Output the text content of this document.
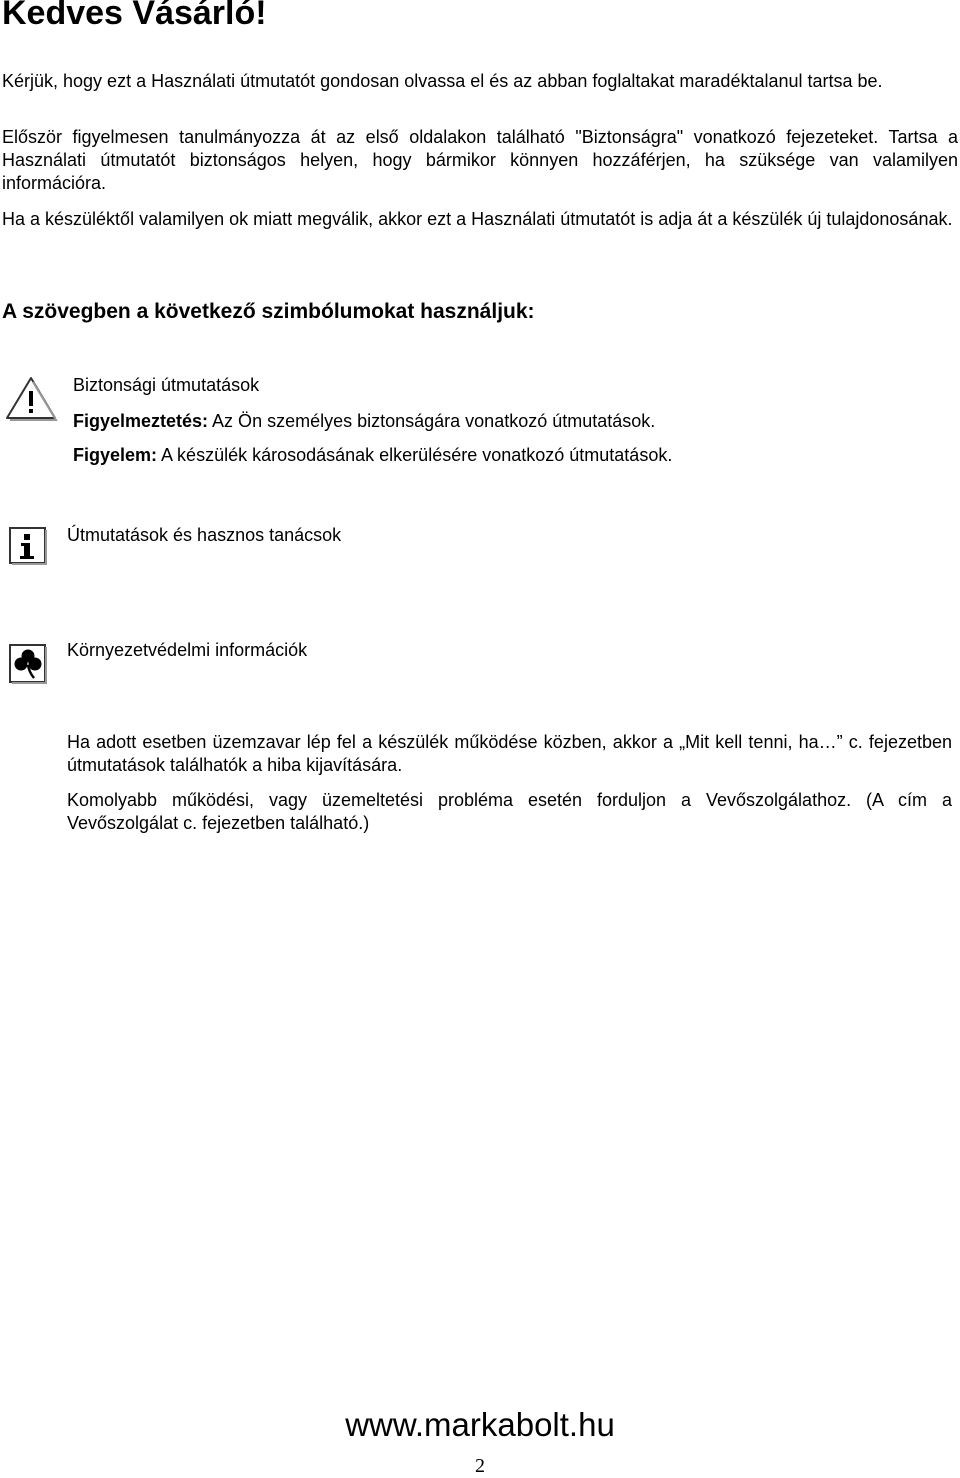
Kedves Vásárló!

Kérjük, hogy ezt a Használati útmutatót gondosan olvassa el és az abban foglaltakat maradéktalanul tartsa be.

Először figyelmesen tanulmányozza át az első oldalakon található "Biztonságra" vonatkozó fejezeteket. Tartsa a Használati útmutatót biztonságos helyen, hogy bármikor könnyen hozzáférjen, ha szüksége van valamilyen információra.

Ha a készüléktől valamilyen ok miatt megválik, akkor ezt a Használati útmutatót is adja át a készülék új tulajdonosának.

A szövegben a következő szimbólumokat használjuk:
Biztonsági útmutatások
Figyelmeztetés: Az Ön személyes biztonságára vonatkozó útmutatások.
Figyelem: A készülék károsodásának elkerülésére vonatkozó útmutatások.
Útmutatások és hasznos tanácsok
Környezetvédelmi információk

Ha adott esetben üzemzavar lép fel a készülék működése közben, akkor a „Mit kell tenni, ha…” c. fejezetben útmutatások találhatók a hiba kijavítására.

Komolyabb működési, vagy üzemeltetési probléma esetén forduljon a Vevőszolgálathoz. (A cím a Vevőszolgálat c. fejezetben található.)

www.markabolt.hu
2
